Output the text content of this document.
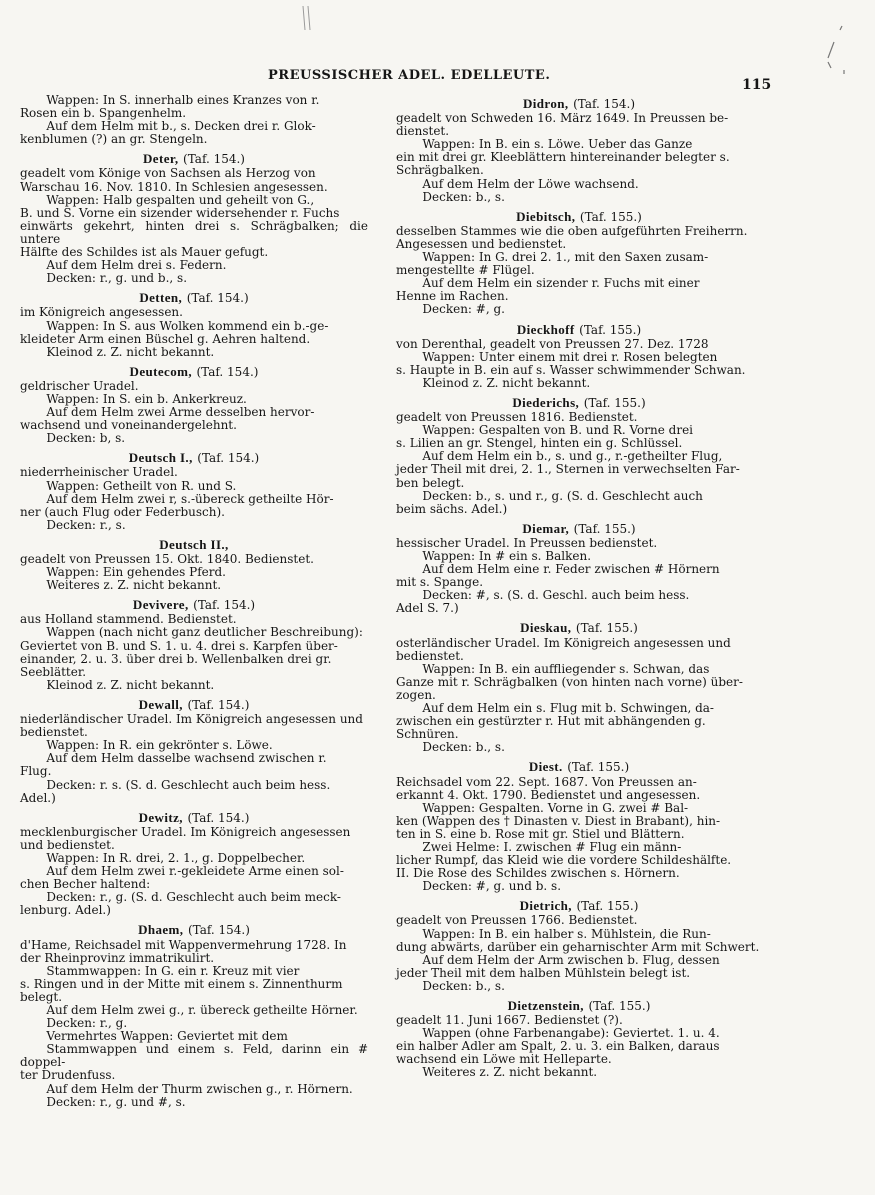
PREUSSISCHER ADEL. EDELLEUTE.
115
Wappen: In S. innerhalb eines Kranzes von r.
Rosen ein b. Spangenhelm.
Auf dem Helm mit b., s. Decken drei r. Glok-
kenblumen (?) an gr. Stengeln.
Deter, (Taf. 154.)
geadelt vom Könige von Sachsen als Herzog von
Warschau 16. Nov. 1810. In Schlesien angesessen.
Wappen: Halb gespalten und geheilt von G.,
B. und S. Vorne ein sizender widersehender r. Fuchs
einwärts gekehrt, hinten drei s. Schrägbalken; die untere
Hälfte des Schildes ist als Mauer gefugt.
Auf dem Helm drei s. Federn.
Decken: r., g. und b., s.
Detten, (Taf. 154.)
im Königreich angesessen.
Wappen: In S. aus Wolken kommend ein b.-ge-
kleideter Arm einen Büschel g. Aehren haltend.
Kleinod z. Z. nicht bekannt.
Deutecom, (Taf. 154.)
geldrischer Uradel.
Wappen: In S. ein b. Ankerkreuz.
Auf dem Helm zwei Arme desselben hervor-
wachsend und voneinandergelehnt.
Decken: b, s.
Deutsch I., (Taf. 154.)
niederrheinischer Uradel.
Wappen: Getheilt von R. und S.
Auf dem Helm zwei r, s.-übereck getheilte Hör-
ner (auch Flug oder Federbusch).
Decken: r., s.
Deutsch II.,
geadelt von Preussen 15. Okt. 1840. Bedienstet.
Wappen: Ein gehendes Pferd.
Weiteres z. Z. nicht bekannt.
Devivere, (Taf. 154.)
aus Holland stammend. Bedienstet.
Wappen (nach nicht ganz deutlicher Beschreibung):
Geviertet von B. und S. 1. u. 4. drei s. Karpfen über-
einander, 2. u. 3. über drei b. Wellenbalken drei gr.
Seeblätter.
Kleinod z. Z. nicht bekannt.
Dewall, (Taf. 154.)
niederländischer Uradel. Im Königreich angesessen und
bedienstet.
Wappen: In R. ein gekrönter s. Löwe.
Auf dem Helm dasselbe wachsend zwischen r.
Flug.
Decken: r. s. (S. d. Geschlecht auch beim hess.
Adel.)
Dewitz, (Taf. 154.)
mecklenburgischer Uradel. Im Königreich angesessen
und bedienstet.
Wappen: In R. drei, 2. 1., g. Doppelbecher.
Auf dem Helm zwei r.-gekleidete Arme einen sol-
chen Becher haltend:
Decken: r., g. (S. d. Geschlecht auch beim meck-
lenburg. Adel.)
Dhaem, (Taf. 154.)
d'Hame, Reichsadel mit Wappenvermehrung 1728. In
der Rheinprovinz immatrikulirt.
Stammwappen: In G. ein r. Kreuz mit vier
s. Ringen und in der Mitte mit einem s. Zinnenthurm
belegt.
Auf dem Helm zwei g., r. übereck getheilte Hörner.
Decken: r., g.
Vermehrtes Wappen: Geviertet mit dem
Stammwappen und einem s. Feld, darinn ein # doppel-
ter Drudenfuss.
Auf dem Helm der Thurm zwischen g., r. Hörnern.
Decken: r., g. und #, s.
Didron, (Taf. 154.)
geadelt von Schweden 16. März 1649. In Preussen be-
dienstet.
Wappen: In B. ein s. Löwe. Ueber das Ganze
ein mit drei gr. Kleeblättern hintereinander belegter s.
Schrägbalken.
Auf dem Helm der Löwe wachsend.
Decken: b., s.
Diebitsch, (Taf. 155.)
desselben Stammes wie die oben aufgeführten Freiherrn.
Angesessen und bedienstet.
Wappen: In G. drei 2. 1., mit den Saxen zusam-
mengestellte # Flügel.
Auf dem Helm ein sizender r. Fuchs mit einer
Henne im Rachen.
Decken: #, g.
Dieckhoff (Taf. 155.)
von Derenthal, geadelt von Preussen 27. Dez. 1728
Wappen: Unter einem mit drei r. Rosen belegten
s. Haupte in B. ein auf s. Wasser schwimmender Schwan.
Kleinod z. Z. nicht bekannt.
Diederichs, (Taf. 155.)
geadelt von Preussen 1816. Bedienstet.
Wappen: Gespalten von B. und R. Vorne drei
s. Lilien an gr. Stengel, hinten ein g. Schlüssel.
Auf dem Helm ein b., s. und g., r.-getheilter Flug,
jeder Theil mit drei, 2. 1., Sternen in verwechselten Far-
ben belegt.
Decken: b., s. und r., g. (S. d. Geschlecht auch
beim sächs. Adel.)
Diemar, (Taf. 155.)
hessischer Uradel. In Preussen bedienstet.
Wappen: In # ein s. Balken.
Auf dem Helm eine r. Feder zwischen # Hörnern
mit s. Spange.
Decken: #, s. (S. d. Geschl. auch beim hess.
Adel S. 7.)
Dieskau, (Taf. 155.)
osterländischer Uradel. Im Königreich angesessen und
bedienstet.
Wappen: In B. ein auffliegender s. Schwan, das
Ganze mit r. Schrägbalken (von hinten nach vorne) über-
zogen.
Auf dem Helm ein s. Flug mit b. Schwingen, da-
zwischen ein gestürzter r. Hut mit abhängenden g.
Schnüren.
Decken: b., s.
Diest. (Taf. 155.)
Reichsadel vom 22. Sept. 1687. Von Preussen an-
erkannt 4. Okt. 1790. Bedienstet und angesessen.
Wappen: Gespalten. Vorne in G. zwei # Bal-
ken (Wappen des † Dinasten v. Diest in Brabant), hin-
ten in S. eine b. Rose mit gr. Stiel und Blättern.
Zwei Helme: I. zwischen # Flug ein männ-
licher Rumpf, das Kleid wie die vordere Schildeshälfte.
II. Die Rose des Schildes zwischen s. Hörnern.
Decken: #, g. und b. s.
Dietrich, (Taf. 155.)
geadelt von Preussen 1766. Bedienstet.
Wappen: In B. ein halber s. Mühlstein, die Run-
dung abwärts, darüber ein geharnischter Arm mit Schwert.
Auf dem Helm der Arm zwischen b. Flug, dessen
jeder Theil mit dem halben Mühlstein belegt ist.
Decken: b., s.
Dietzenstein, (Taf. 155.)
geadelt 11. Juni 1667. Bedienstet (?).
Wappen (ohne Farbenangabe): Geviertet. 1. u. 4.
ein halber Adler am Spalt, 2. u. 3. ein Balken, daraus
wachsend ein Löwe mit Helleparte.
Weiteres z. Z. nicht bekannt.
